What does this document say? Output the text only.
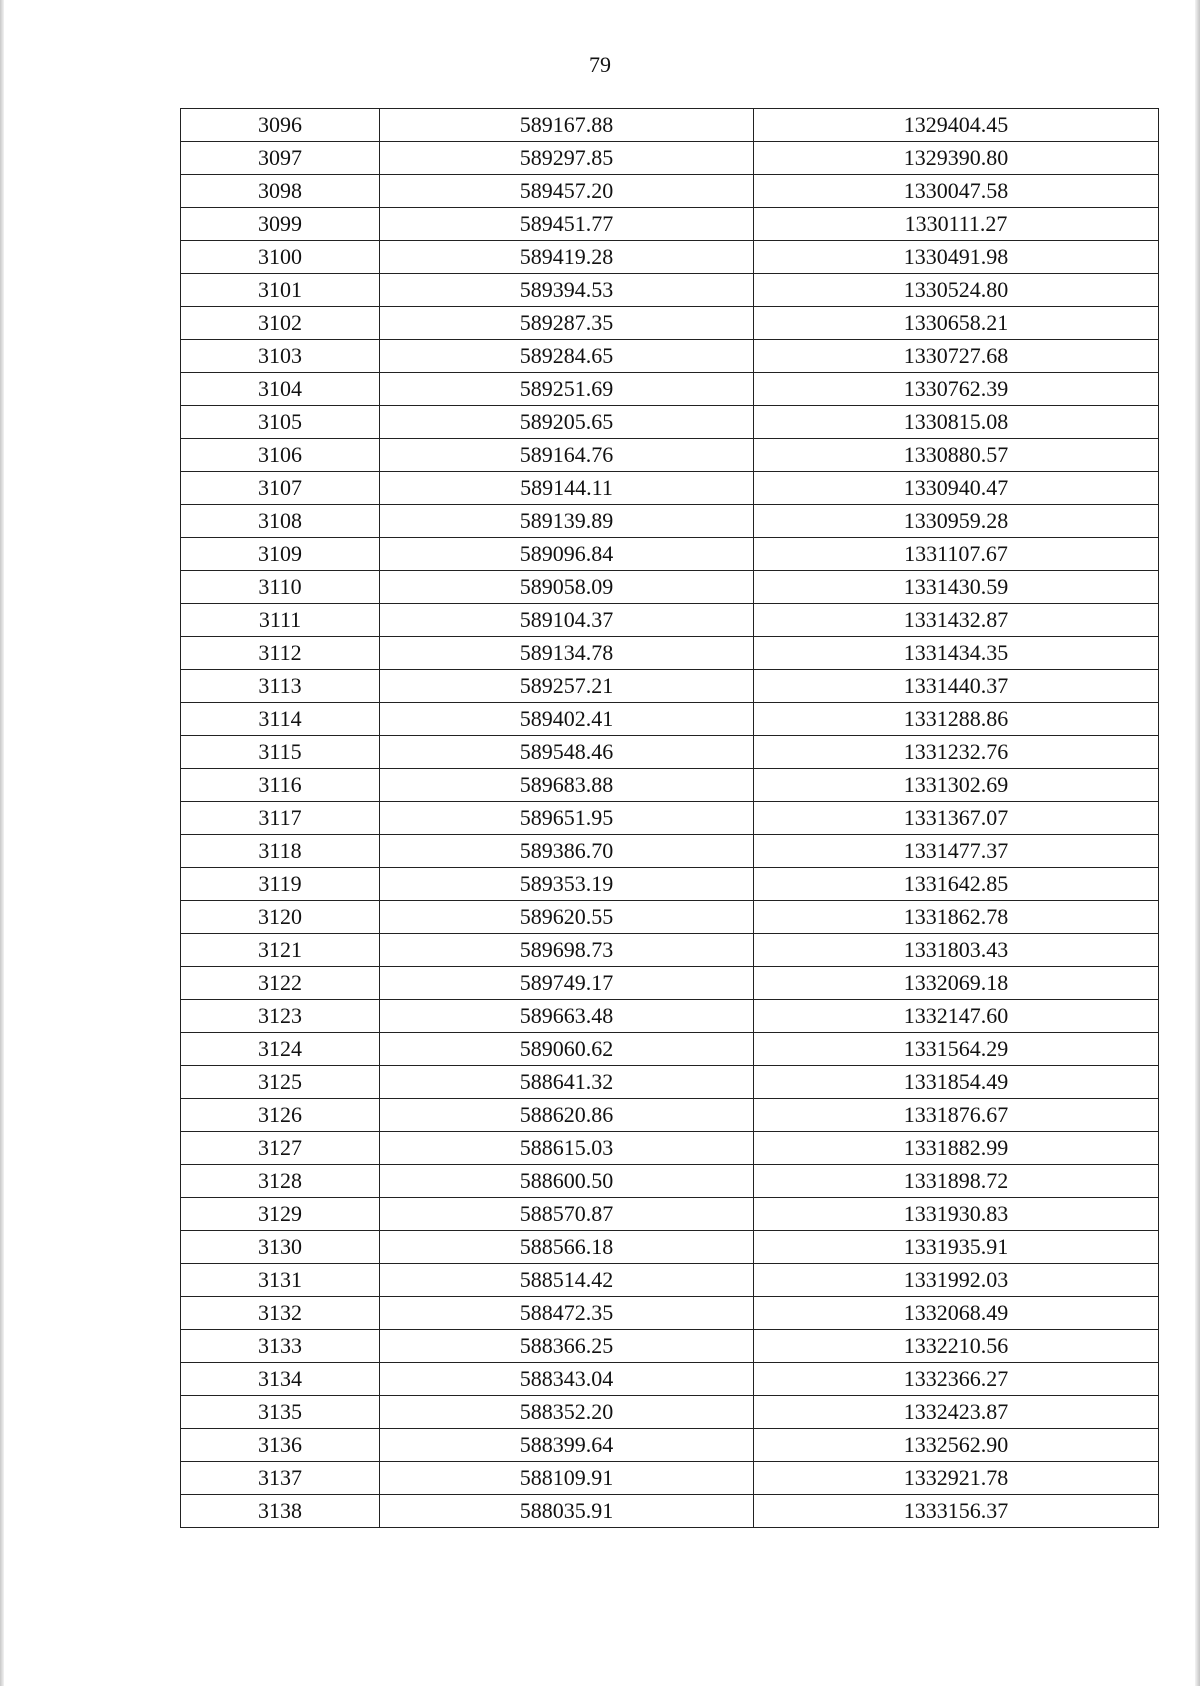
79
3096	589167.88	1329404.45
3097	589297.85	1329390.80
3098	589457.20	1330047.58
3099	589451.77	1330111.27
3100	589419.28	1330491.98
3101	589394.53	1330524.80
3102	589287.35	1330658.21
3103	589284.65	1330727.68
3104	589251.69	1330762.39
3105	589205.65	1330815.08
3106	589164.76	1330880.57
3107	589144.11	1330940.47
3108	589139.89	1330959.28
3109	589096.84	1331107.67
3110	589058.09	1331430.59
3111	589104.37	1331432.87
3112	589134.78	1331434.35
3113	589257.21	1331440.37
3114	589402.41	1331288.86
3115	589548.46	1331232.76
3116	589683.88	1331302.69
3117	589651.95	1331367.07
3118	589386.70	1331477.37
3119	589353.19	1331642.85
3120	589620.55	1331862.78
3121	589698.73	1331803.43
3122	589749.17	1332069.18
3123	589663.48	1332147.60
3124	589060.62	1331564.29
3125	588641.32	1331854.49
3126	588620.86	1331876.67
3127	588615.03	1331882.99
3128	588600.50	1331898.72
3129	588570.87	1331930.83
3130	588566.18	1331935.91
3131	588514.42	1331992.03
3132	588472.35	1332068.49
3133	588366.25	1332210.56
3134	588343.04	1332366.27
3135	588352.20	1332423.87
3136	588399.64	1332562.90
3137	588109.91	1332921.78
3138	588035.91	1333156.37
